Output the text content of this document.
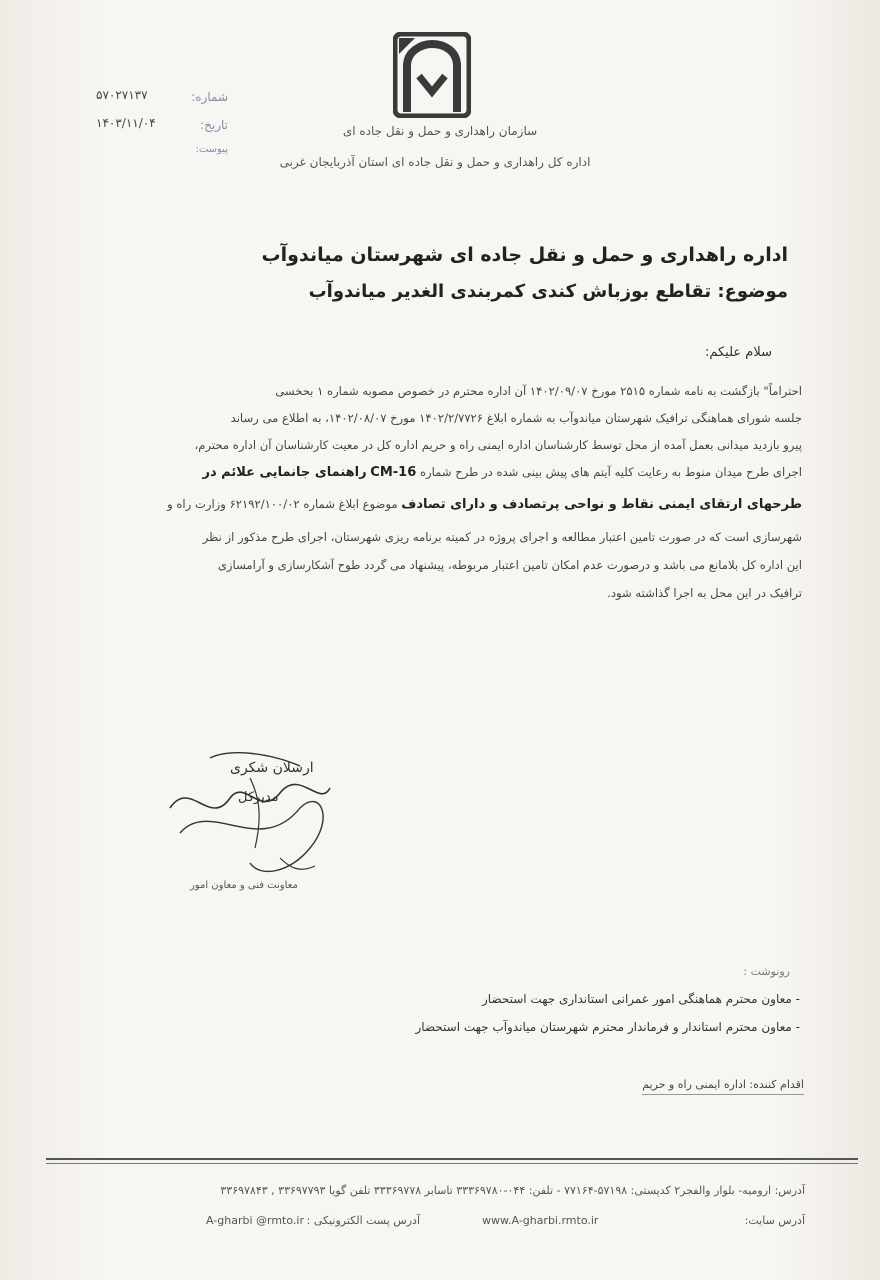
سازمان راهداری و حمل و نقل جاده ای
اداره کل راهداری و حمل و نقل جاده ای استان آذربایجان غربی
شماره:
۵۷۰۲۷۱۳۷
تاریخ:
۱۴۰۳/۱۱/۰۴
پیوست:
اداره راهداری و حمل و نقل جاده ای شهرستان میاندوآب
موضوع: تقاطع بوزباش کندی کمربندی الغدیر میاندوآب
سلام علیکم:
احتراماً" بازگشت به نامه شماره ۲۵۱۵ مورخ ۱۴۰۲/۰۹/۰۷ آن اداره محترم در خصوص مصوبه شماره ۱ بحخسی
جلسه شورای هماهنگی ترافیک شهرستان میاندوآب به شماره ابلاغ ۱۴۰۲/۲/۷۷۲۶ مورخ ۱۴۰۲/۰۸/۰۷، به اطلاع می رساند
پیرو بازدید میدانی بعمل آمده از محل توسط کارشناسان اداره ایمنی راه و حریم اداره کل در معیت کارشناسان آن اداره محترم،
اجرای طرح میدان منوط به رعایت کلیه آیتم های پیش بینی شده در طرح شماره CM-16 راهنمای جانمایی علائم در
طرحهای ارتقای ایمنی نقاط و نواحی پرتصادف و دارای تصادف موضوع ابلاغ شماره ۶۲۱۹۲/۱۰۰/۰۲ وزارت راه و
شهرسازی است که در صورت تامین اعتبار مطالعه و اجرای پروژه در کمیته برنامه ریزی شهرستان، اجرای طرح مذکور از نظر
این اداره کل بلامانع می باشد و درصورت عدم امکان تامین اعتبار مربوطه، پیشنهاد می گردد طوح آشکارسازی و آرامسازی
ترافیک در این محل به اجرا گذاشته شود.
ارسلان شکری
مدیرکل
معاونت فنی و معاون امور
رونوشت :
- معاون محترم هماهنگی امور عمرانی استانداری جهت استحضار
- معاون محترم استاندار و فرماندار محترم شهرستان میاندوآب جهت استحضار
اقدام کننده: اداره ایمنی راه و حریم
آدرس: ارومیه- بلوار والفجر۲ کدپستی: ۵۷۱۹۸-۷۷۱۶۴ - تلفن: ۰۴۴-۳۳۳۶۹۷۸۰ تاسابر ۳۳۳۶۹۷۷۸ تلفن گویا ۳۳۶۹۷۷۹۳ , ۳۳۶۹۷۸۴۳
آدرس سایت:
www.A-gharbi.rmto.ir
آدرس پست الکترونیکی :
A-gharbi @rmto.ir
